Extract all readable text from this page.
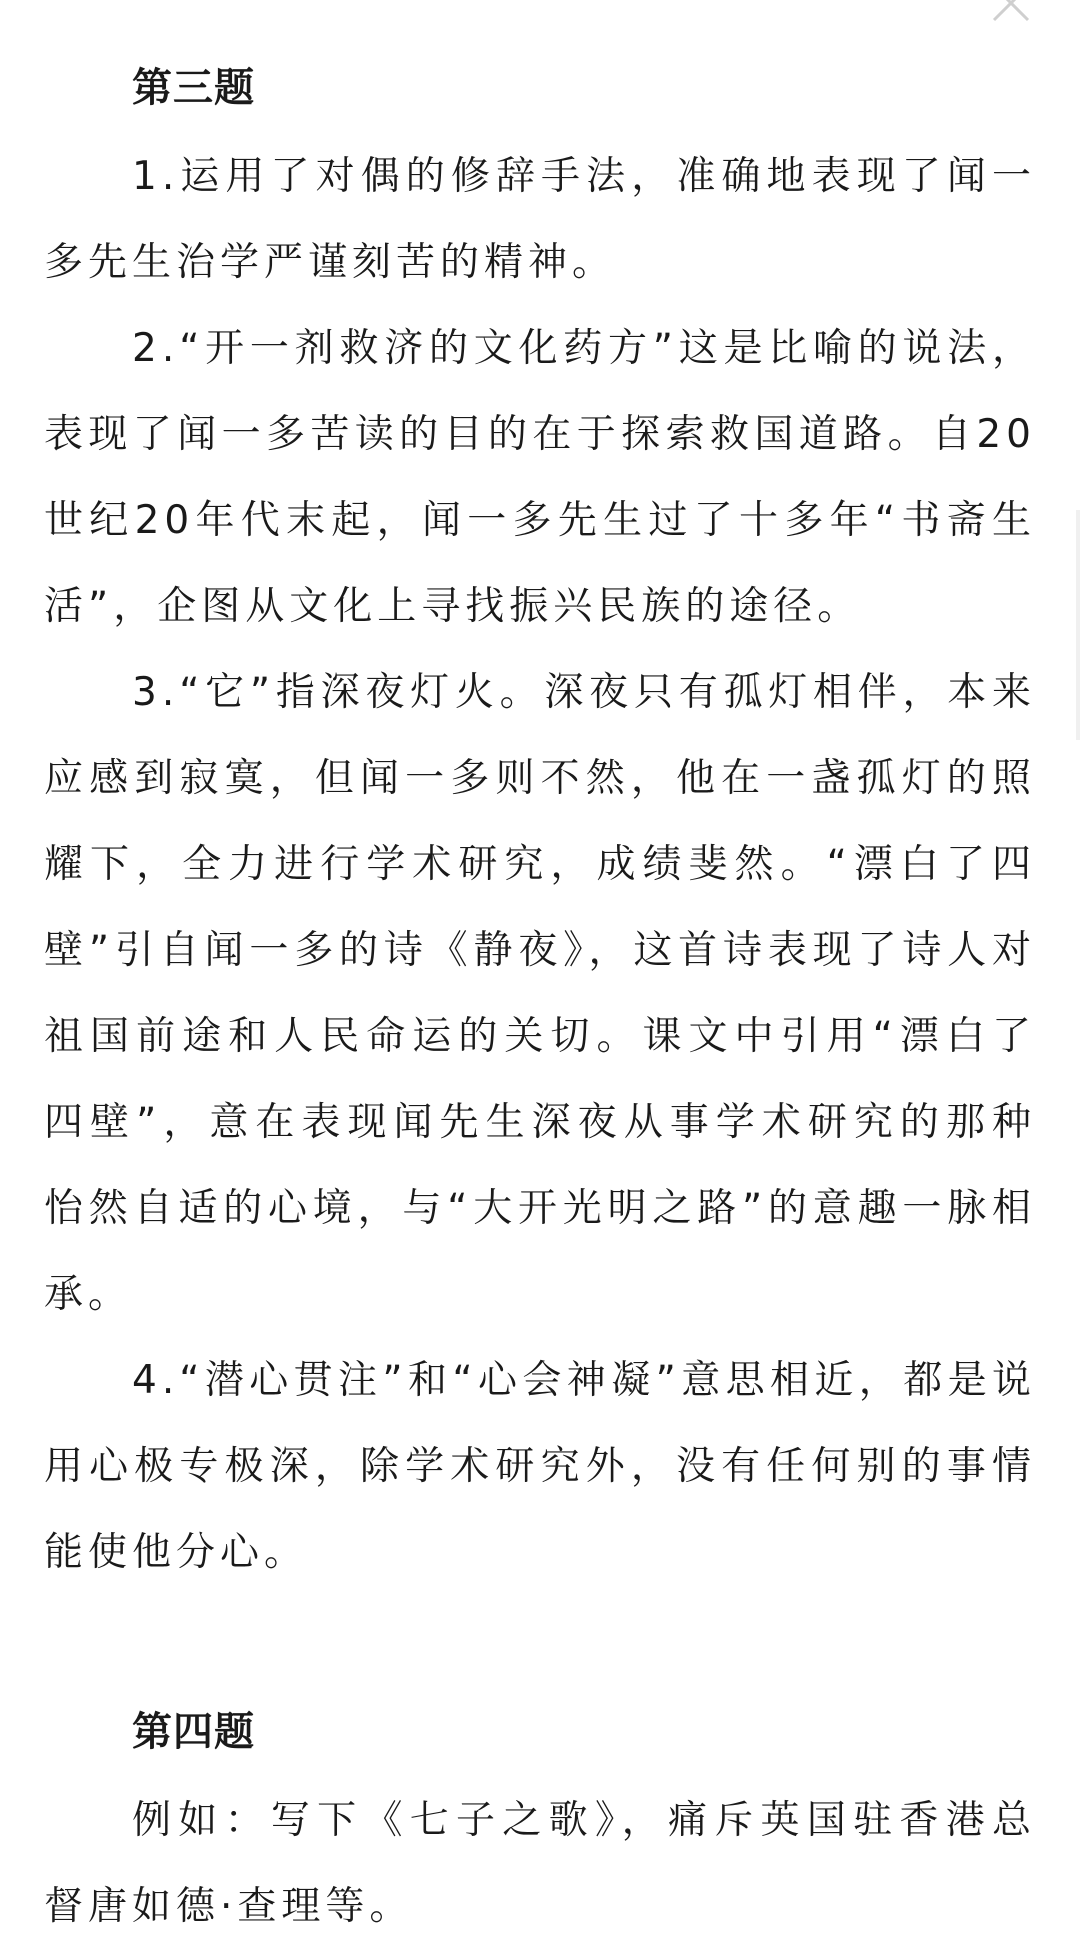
第三题

1.运用了对偶的修辞手法，准确地表现了闻一多先生治学严谨刻苦的精神。

2.“开一剂救济的文化药方”这是比喻的说法，表现了闻一多苦读的目的在于探索救国道路。自20世纪20年代末起，闻一多先生过了十多年“书斋生活”，企图从文化上寻找振兴民族的途径。

3.“它”指深夜灯火。深夜只有孤灯相伴，本来应感到寂寞，但闻一多则不然，他在一盏孤灯的照耀下，全力进行学术研究，成绩斐然。“漂白了四壁”引自闻一多的诗《静夜》，这首诗表现了诗人对祖国前途和人民命运的关切。课文中引用“漂白了四壁”，意在表现闻先生深夜从事学术研究的那种怡然自适的心境，与“大开光明之路”的意趣一脉相承。

4.“潜心贯注”和“心会神凝”意思相近，都是说用心极专极深，除学术研究外，没有任何别的事情能使他分心。

第四题

例如：写下《七子之歌》，痛斥英国驻香港总督唐如德·查理等。
